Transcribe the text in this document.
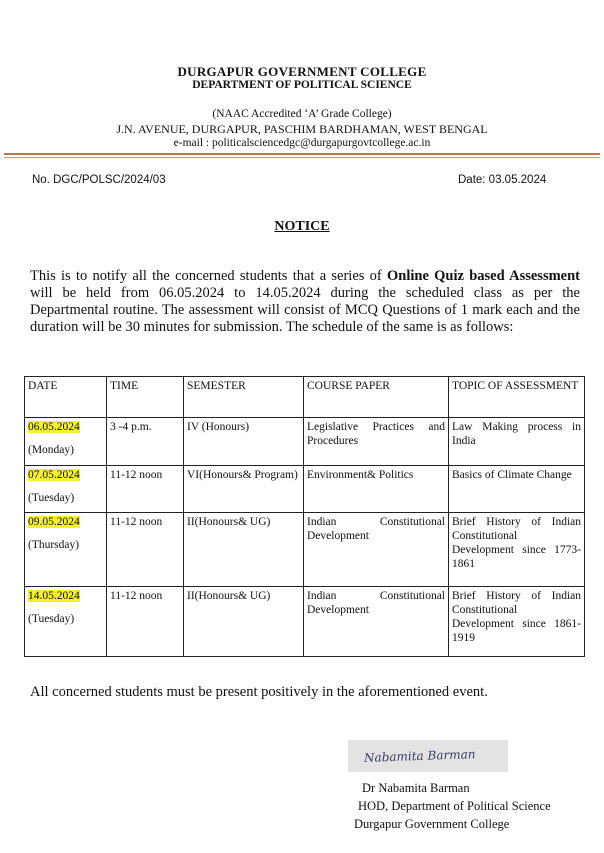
DURGAPUR GOVERNMENT COLLEGE
DEPARTMENT OF POLITICAL SCIENCE
(NAAC Accredited ‘A’ Grade College)
J.N. AVENUE, DURGAPUR, PASCHIM BARDHAMAN, WEST BENGAL
e-mail : politicalsciencedgc@durgapurgovtcollege.ac.in
No. DGC/POLSC/2024/03	Date: 03.05.2024
NOTICE
This is to notify all the concerned students that a series of Online Quiz based Assessment will be held from 06.05.2024 to 14.05.2024 during the scheduled class as per the Departmental routine. The assessment will consist of MCQ Questions of 1 mark each and the duration will be 30 minutes for submission. The schedule of the same is as follows:
DATE	TIME	SEMESTER	COURSE PAPER	TOPIC OF ASSESSMENT
06.05.2024
(Monday)	3 -4 p.m.	IV (Honours)	Legislative Practices and Procedures	Law Making process in India
07.05.2024
(Tuesday)	11-12 noon	VI(Honours& Program)	Environment& Politics	Basics of Climate Change
09.05.2024
(Thursday)	11-12 noon	II(Honours& UG)	Indian Constitutional Development	Brief History of Indian Constitutional Development since 1773-1861
14.05.2024
(Tuesday)	11-12 noon	II(Honours& UG)	Indian Constitutional Development	Brief History of Indian Constitutional Development since 1861-1919
All concerned students must be present positively in the aforementioned event.
Nabamita Barman
Dr Nabamita Barman
HOD, Department of Political Science
Durgapur Government College
